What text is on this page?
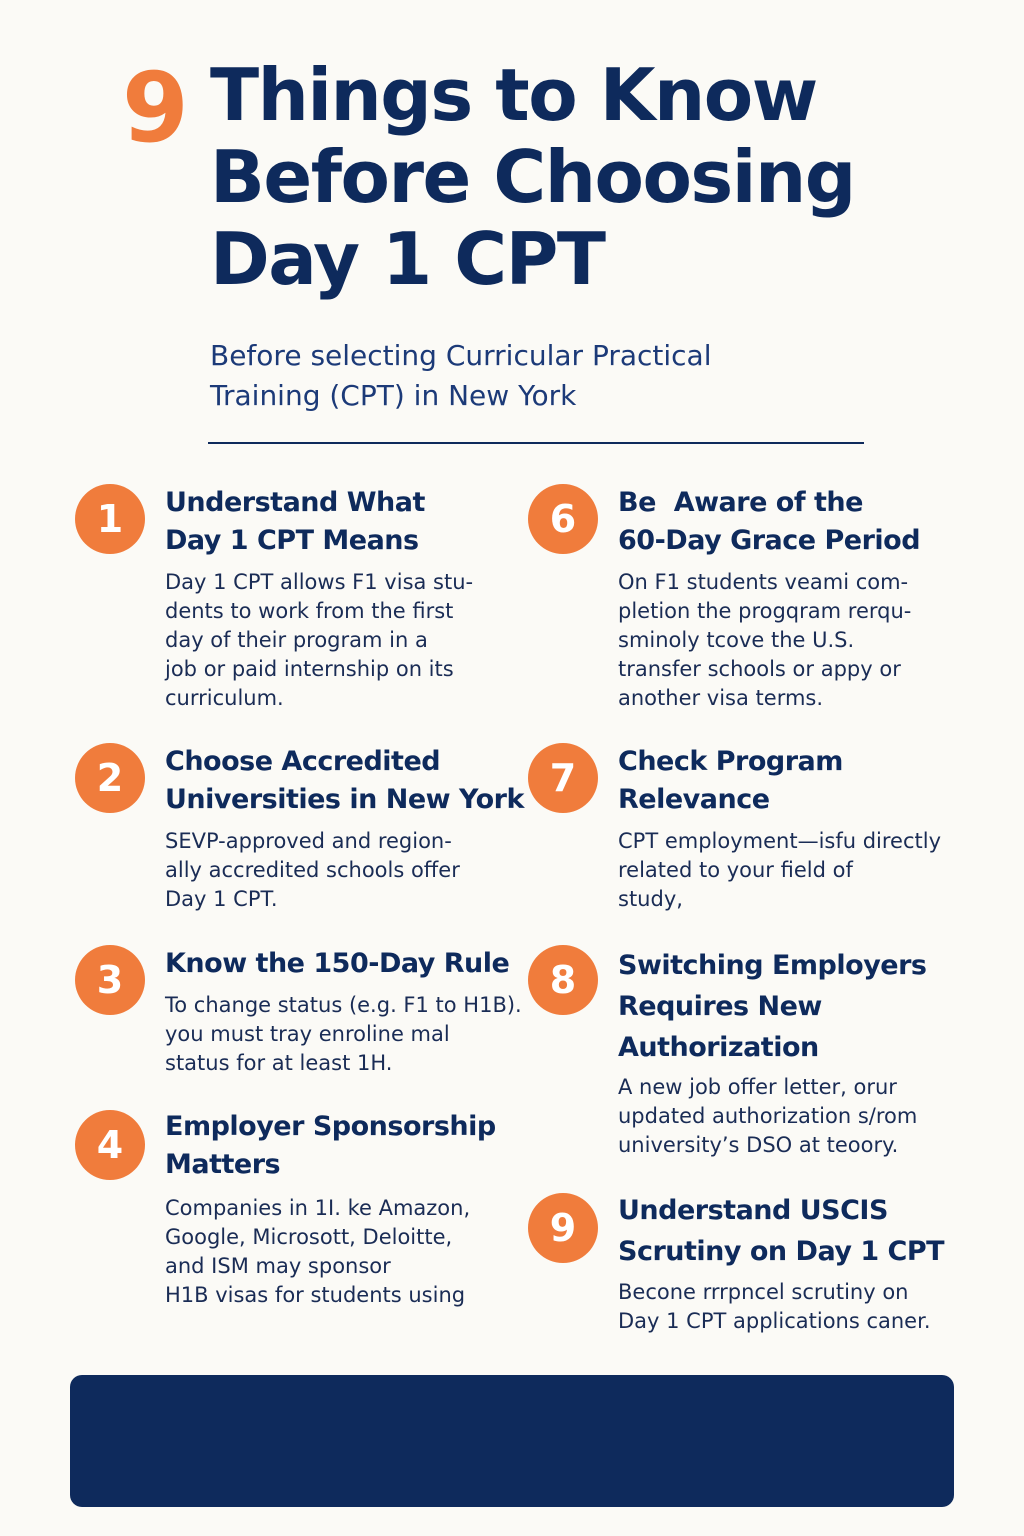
9 Things to Know
Before Choosing
Day 1 CPT

Before selecting Curricular Practical
Training (CPT) in New York

1	Understand What
Day 1 CPT Means

Day 1 CPT allows F1 visa stu-
dents to work from the first
day of their program in a
job or paid internship on its
curriculum.

2	Choose Accredited
Universities in New York

SEVP-approved and region-
ally accredited schools offer
Day 1 CPT.

3	Know the 150-Day Rule

To change status (e.g. F1 to H1B).
you must tray enroline mal
status for at least 1H.

4	Employer Sponsorship
Matters

Companies in 1I. ke Amazon,
Google, Microsott, Deloitte,
and ISM may sponsor
H1B visas for students using

6	Be  Aware of the
60-Day Grace Period

On F1 students veami com-
pletion the progqram rerqu-
sminoly tcove the U.S.
transfer schools or appy or
another visa terms.

7	Check Program
Relevance

CPT employment—isfu directly
related to your field of
study,

8	Switching Employers
Requires New
Authorization

A new job offer letter, orur
updated authorization s/rom
university’s DSO at teoory.

9	Understand USCIS
Scrutiny on Day 1 CPT

Becone rrrpncel scrutiny on
Day 1 CPT applications caner.
